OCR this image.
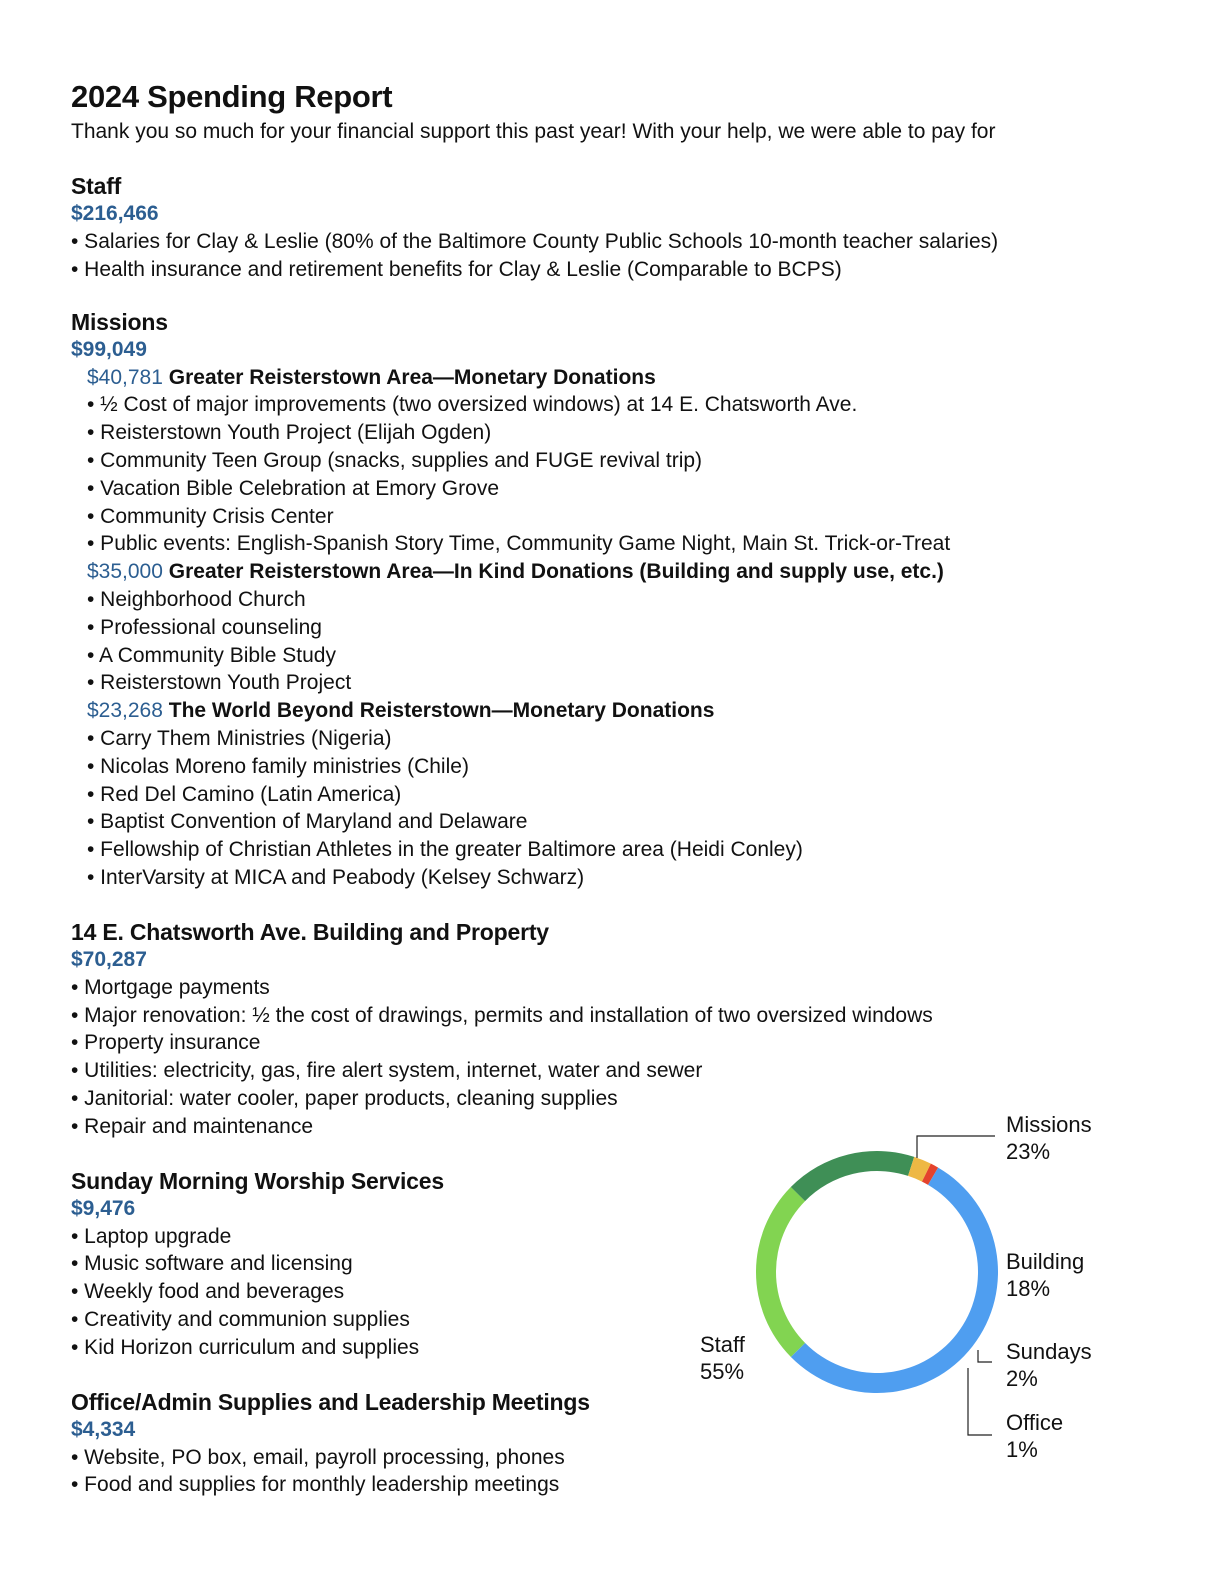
2024 Spending Report
Thank you so much for your financial support this past year! With your help, we were able to pay for
Staff
$216,466
• Salaries for Clay & Leslie (80% of the Baltimore County Public Schools 10-month teacher salaries)
• Health insurance and retirement benefits for Clay & Leslie (Comparable to BCPS)
Missions
$99,049
$40,781 Greater Reisterstown Area—Monetary Donations
• ½ Cost of major improvements (two oversized windows) at 14 E. Chatsworth Ave.
• Reisterstown Youth Project (Elijah Ogden)
• Community Teen Group (snacks, supplies and FUGE revival trip)
• Vacation Bible Celebration at Emory Grove
• Community Crisis Center
• Public events: English-Spanish Story Time, Community Game Night, Main St. Trick-or-Treat
$35,000 Greater Reisterstown Area—In Kind Donations (Building and supply use, etc.)
• Neighborhood Church
• Professional counseling
• A Community Bible Study
• Reisterstown Youth Project
$23,268 The World Beyond Reisterstown—Monetary Donations
• Carry Them Ministries (Nigeria)
• Nicolas Moreno family ministries (Chile)
• Red Del Camino (Latin America)
• Baptist Convention of Maryland and Delaware
• Fellowship of Christian Athletes in the greater Baltimore area (Heidi Conley)
• InterVarsity at MICA and Peabody (Kelsey Schwarz)
14 E. Chatsworth Ave. Building and Property
$70,287
• Mortgage payments
• Major renovation: ½ the cost of drawings, permits and installation of two oversized windows
• Property insurance
• Utilities: electricity, gas, fire alert system, internet, water and sewer
• Janitorial: water cooler, paper products, cleaning supplies
• Repair and maintenance
Sunday Morning Worship Services
$9,476
• Laptop upgrade
• Music software and licensing
• Weekly food and beverages
• Creativity and communion supplies
• Kid Horizon curriculum and supplies
Office/Admin Supplies and Leadership Meetings
$4,334
• Website, PO box, email, payroll processing, phones
• Food and supplies for monthly leadership meetings
Missions
23%
Building
18%
Sundays
2%
Office
1%
Staff
55%
